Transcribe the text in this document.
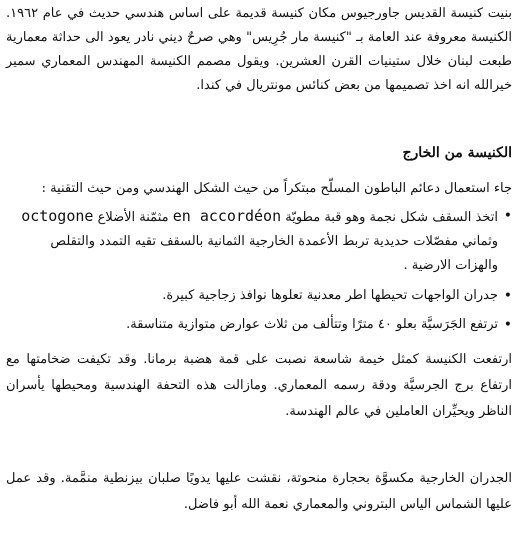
بنيت كنيسة القديس جاورجيوس مكان كنيسة قديمة على اساس هندسي حديث في عام ١٩٦٢. الكنيسة معروفة عند العامة بـ "كنيسة مار جُرِيس" وهي صرحٌ ديني نادر يعود الى حداثة معمارية طبعت لبنان خلال ستينيات القرن العشرين. ويقول مصمم الكنيسة المهندس المعماري سمير خيرالله انه اخذ تصميمها من بعض كنائس مونتريال في كندا.

الكنيسة من الخارج

جاء استعمال دعائم الباطون المسلّح مبتكراً من حيث الشكل الهندسي ومن حيث التقنية :

• اتخذ السقف شكل نجمة وهو قبة مطويّة en accordéon مثمّنة الأضلاع octogone وثماني مفصّلات حديدية تربط الأعمدة الخارجية الثمانية بالسقف تقيه التمدد والتقلص والهزات الارضية .
• جدران الواجهات تحيطها اطر معدنية تعلوها نوافذ زجاجية كبيرة.
• ترتفع الجَرَسيَّة بعلو ٤٠ مترًا وتتألف من ثلاث عوارض متوازية متناسقة.

ارتفعت الكنيسة كمثل خيمة شاسعة نصبت على قمة هضبة برمانا. وقد تكيفت ضخامتها مع ارتفاع برج الجرسيَّة ودقة رسمه المعماري. ومازالت هذه التحفة الهندسية ومحيطها يأسران الناظر ويحيِّران العاملين في عالم الهندسة.

الجدران الخارجية مكسوَّة بحجارة منحوتة، نقشت عليها يدويًا صلبان بيزنطية منمَّمة. وقد عمل عليها الشماس الياس البتروني والمعماري نعمة الله أبو فاضل.
